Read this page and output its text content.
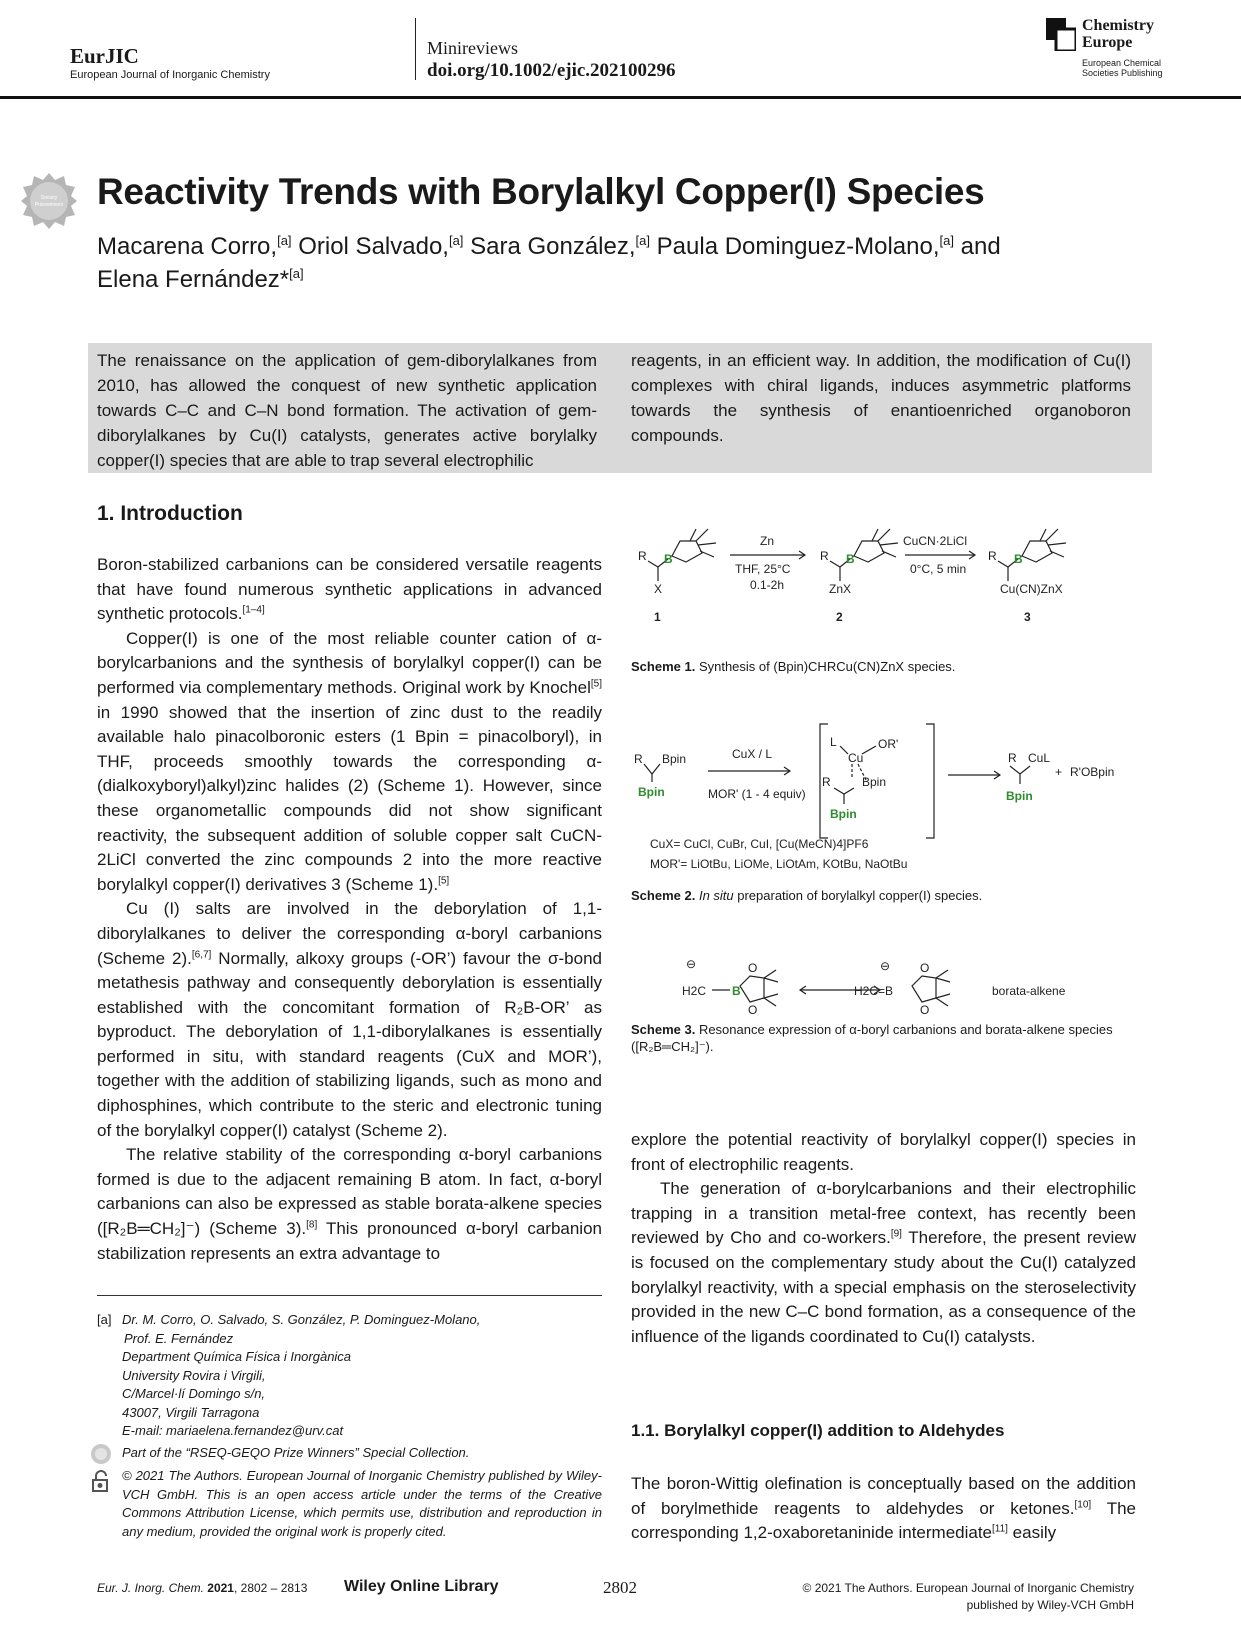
EurJIC
European Journal of Inorganic Chemistry
Minireviews
doi.org/10.1002/ejic.202100296
Chemistry
Europe
European Chemical
Societies Publishing
Society
Prizewinners Reactivity Trends with Borylalkyl Copper(I) Species
Macarena Corro,[a] Oriol Salvado,[a] Sara González,[a] Paula Dominguez-Molano,[a] and
Elena Fernández*[a]
The renaissance on the application of gem-diborylalkanes from 2010, has allowed the conquest of new synthetic application towards C–C and C–N bond formation. The activation of gem-diborylalkanes by Cu(I) catalysts, generates active borylalky copper(I) species that are able to trap several electrophilic
reagents, in an efficient way. In addition, the modification of Cu(I) complexes with chiral ligands, induces asymmetric platforms towards the synthesis of enantioenriched organoboron compounds.
1. Introduction

Boron-stabilized carbanions can be considered versatile reagents that have found numerous synthetic applications in advanced synthetic protocols.[1–4]

Copper(I) is one of the most reliable counter cation of α-borylcarbanions and the synthesis of borylalkyl copper(I) can be performed via complementary methods. Original work by Knochel[5] in 1990 showed that the insertion of zinc dust to the readily available halo pinacolboronic esters (1 Bpin = pinacolboryl), in THF, proceeds smoothly towards the corresponding α-(dialkoxyboryl)alkyl)zinc halides (2) (Scheme 1). However, since these organometallic compounds did not show significant reactivity, the subsequent addition of soluble copper salt CuCN-2LiCl converted the zinc compounds 2 into the more reactive borylalkyl copper(I) derivatives 3 (Scheme 1).[5]

Cu (I) salts are involved in the deborylation of 1,1-diborylalkanes to deliver the corresponding α-boryl carbanions (Scheme 2).[6,7] Normally, alkoxy groups (-OR’) favour the σ-bond metathesis pathway and consequently deborylation is essentially established with the concomitant formation of R₂B-OR’ as byproduct. The deborylation of 1,1-diborylalkanes is essentially performed in situ, with standard reagents (CuX and MOR’), together with the addition of stabilizing ligands, such as mono and diphosphines, which contribute to the steric and electronic tuning of the borylalkyl copper(I) catalyst (Scheme 2).

The relative stability of the corresponding α-boryl carbanions formed is due to the adjacent remaining B atom. In fact, α-boryl carbanions can also be expressed as stable borata-alkene species ([R₂B═CH₂]⁻) (Scheme 3).[8] This pronounced α-boryl carbanion stabilization represents an extra advantage to

[a] Dr. M. Corro, O. Salvado, S. González, P. Dominguez-Molano,
Prof. E. Fernández
Department Química Física i Inorgànica
University Rovira i Virgili,
C/Marcel·lí Domingo s/n,
43007, Virgili Tarragona
E-mail: mariaelena.fernandez@urv.cat
Part of the “RSEQ-GEQO Prize Winners” Special Collection.
© 2021 The Authors. European Journal of Inorganic Chemistry published by Wiley-VCH GmbH. This is an open access article under the terms of the Creative Commons Attribution License, which permits use, distribution and reproduction in any medium, provided the original work is properly cited.
R B
X
1
Zn
THF, 25°C
0.1-2h
R B
ZnX
2
CuCN·2LiCl
0°C, 5 min
R B
Cu(CN)ZnX
3
Scheme 1. Synthesis of (Bpin)CHRCu(CN)ZnX species.
R Bpin
Bpin
CuX / L
MOR' (1 - 4 equiv)
L
Cu
OR'
R	Bpin
Bpin
R CuL
Bpin
+ R'OBpin
CuX= CuCl, CuBr, CuI, [Cu(MeCN)4]PF6
MOR'= LiOtBu, LiOMe, LiOtAm, KOtBu, NaOtBu
Scheme 2. In situ preparation of borylalkyl copper(I) species.
⊖
H2C B
O
O
⊖
H2C=B
O
O
borata-alkene
Scheme 3. Resonance expression of α-boryl carbanions and borata-alkene species ([R₂B═CH₂]⁻).

explore the potential reactivity of borylalkyl copper(I) species in front of electrophilic reagents.

The generation of α-borylcarbanions and their electrophilic trapping in a transition metal-free context, has recently been reviewed by Cho and co-workers.[9] Therefore, the present review is focused on the complementary study about the Cu(I) catalyzed borylalkyl reactivity, with a special emphasis on the steroselectivity provided in the new C–C bond formation, as a consequence of the influence of the ligands coordinated to Cu(I) catalysts.

1.1. Borylalkyl copper(I) addition to Aldehydes

The boron-Wittig olefination is conceptually based on the addition of borylmethide reagents to aldehydes or ketones.[10] The corresponding 1,2-oxaboretaninide intermediate[11] easily

Eur. J. Inorg. Chem. 2021, 2802 – 2813 Wiley Online Library	2802	© 2021 The Authors. European Journal of Inorganic Chemistry
published by Wiley-VCH GmbH
